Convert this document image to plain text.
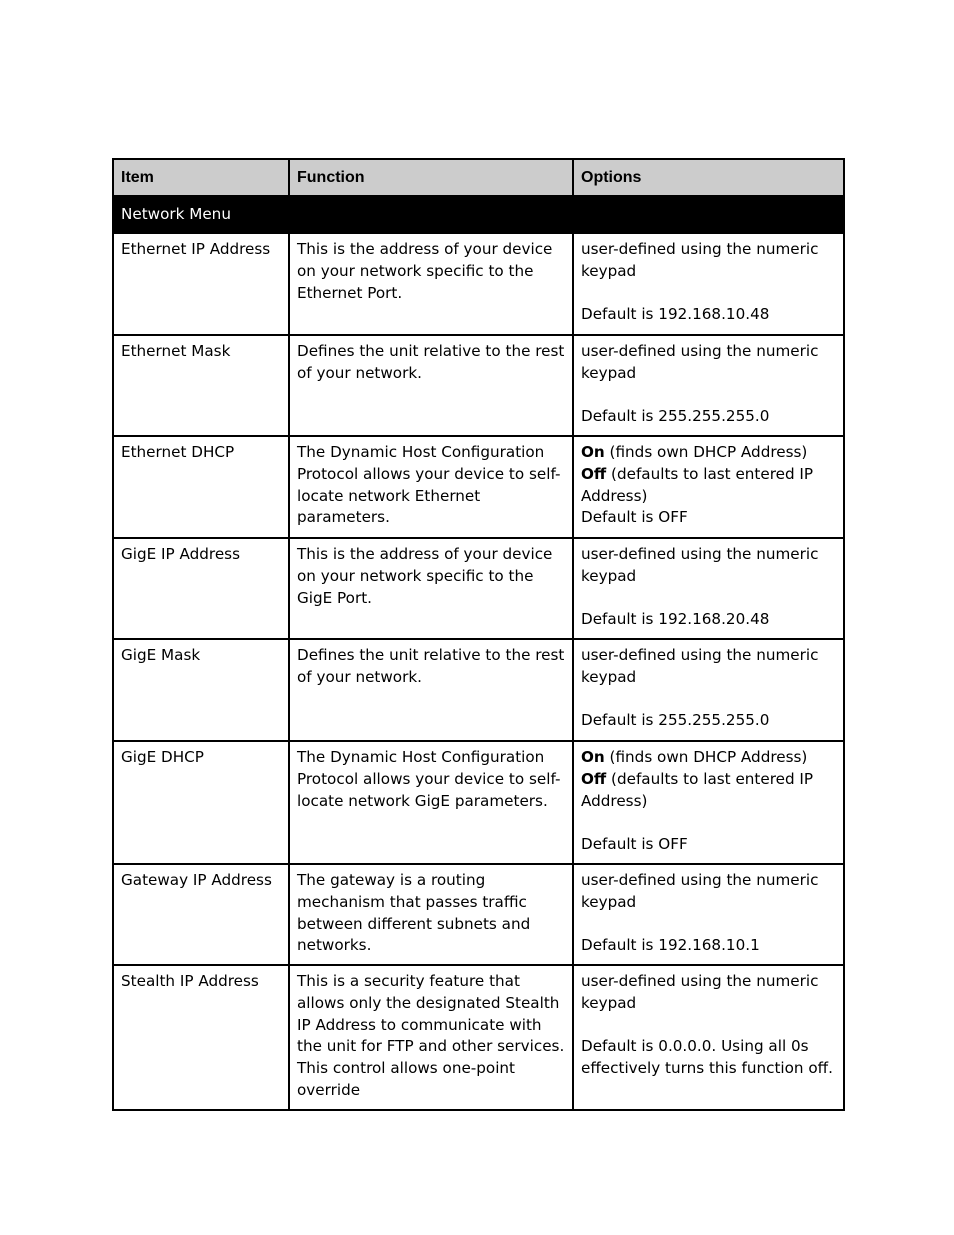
Item	Function	Options
Network Menu		
Ethernet IP Address	This is the address of your device on your network specific to the Ethernet Port.	user-defined using the numeric keypad
Default is 192.168.10.48
Ethernet Mask	Defines the unit relative to the rest of your network.	user-defined using the numeric keypad
Default is 255.255.255.0
Ethernet DHCP	The Dynamic Host Configuration Protocol allows your device to self-locate network Ethernet parameters.	On (finds own DHCP Address)
Off (defaults to last entered IP Address)
Default is OFF
GigE IP Address	This is the address of your device on your network specific to the GigE Port.	user-defined using the numeric keypad
Default is 192.168.20.48
GigE Mask	Defines the unit relative to the rest of your network.	user-defined using the numeric keypad
Default is 255.255.255.0
GigE DHCP	The Dynamic Host Configuration Protocol allows your device to self-locate network GigE parameters.	On (finds own DHCP Address)
Off (defaults to last entered IP Address)
Default is OFF
Gateway IP Address	The gateway is a routing mechanism that passes traffic between different subnets and networks.	user-defined using the numeric keypad
Default is 192.168.10.1
Stealth IP Address	This is a security feature that allows only the designated Stealth IP Address to communicate with the unit for FTP and other services. This control allows one-point override	user-defined using the numeric keypad
Default is 0.0.0.0. Using all 0s effectively turns this function off.
